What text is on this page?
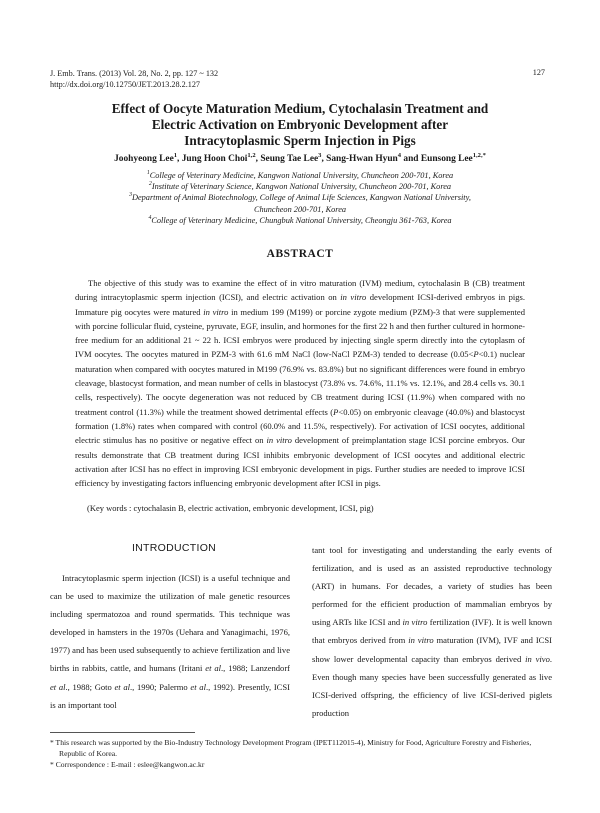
J. Emb. Trans. (2013) Vol. 28, No. 2, pp. 127 ~ 132
http://dx.doi.org/10.12750/JET.2013.28.2.127
127
Effect of Oocyte Maturation Medium, Cytochalasin Treatment and
Electric Activation on Embryonic Development after
Intracytoplasmic Sperm Injection in Pigs
Joohyeong Lee$^1$, Jung Hoon Choi$^{1,2}$, Seung Tae Lee$^3$, Sang-Hwan Hyun$^4$ and Eunsong Lee$^{1,2,*}$
$^1$College of Veterinary Medicine, Kangwon National University, Chuncheon 200-701, Korea
$^2$Institute of Veterinary Science, Kangwon National University, Chuncheon 200-701, Korea
$^3$Department of Animal Biotechnology, College of Animal Life Sciences, Kangwon National University,
Chuncheon 200-701, Korea
$^4$College of Veterinary Medicine, Chungbuk National University, Cheongju 361-763, Korea
ABSTRACT

The objective of this study was to examine the effect of in vitro maturation (IVM) medium, cytochalasin B (CB) treatment during intracytoplasmic sperm injection (ICSI), and electric activation on in vitro development ICSI-derived embryos in pigs. Immature pig oocytes were matured in vitro in medium 199 (M199) or porcine zygote medium (PZM)-3 that were supplemented with porcine follicular fluid, cysteine, pyruvate, EGF, insulin, and hormones for the first 22 h and then further cultured in hormone-free medium for an additional 21 ~ 22 h. ICSI embryos were produced by injecting single sperm directly into the cytoplasm of IVM oocytes. The oocytes matured in PZM-3 with 61.6 mM NaCl (low-NaCl PZM-3) tended to decrease (0.05<P<0.1) nuclear maturation when compared with oocytes matured in M199 (76.9% vs. 83.8%) but no significant differences were found in embryo cleavage, blastocyst formation, and mean number of cells in blastocyst (73.8% vs. 74.6%, 11.1% vs. 12.1%, and 28.4 cells vs. 30.1 cells, respectively). The oocyte degeneration was not reduced by CB treatment during ICSI (11.9%) when compared with no treatment control (11.3%) while the treatment showed detrimental effects (P<0.05) on embryonic cleavage (40.0%) and blastocyst formation (1.8%) rates when compared with control (60.0% and 11.5%, respectively). For activation of ICSI oocytes, additional electric stimulus has no positive or negative effect on in vitro development of preimplantation stage ICSI porcine embryos. Our results demonstrate that CB treatment during ICSI inhibits embryonic development of ICSI oocytes and additional electric activation after ICSI has no effect in improving ICSI embryonic development in pigs. Further studies are needed to improve ICSI efficiency by investigating factors influencing embryonic development after ICSI in pigs.

(Key words : cytochalasin B, electric activation, embryonic development, ICSI, pig)
INTRODUCTION

Intracytoplasmic sperm injection (ICSI) is a useful technique and can be used to maximize the utilization of male genetic resources including spermatozoa and round spermatids. This technique was developed in hamsters in the 1970s (Uehara and Yanagimachi, 1976, 1977) and has been used subsequently to achieve fertilization and live births in rabbits, cattle, and humans (Iritani et al., 1988; Lanzendorf et al., 1988; Goto et al., 1990; Palermo et al., 1992). Presently, ICSI is an important tool

tant tool for investigating and understanding the early events of fertilization, and is used as an assisted reproductive technology (ART) in humans. For decades, a variety of studies has been performed for the efficient production of mammalian embryos by using ARTs like ICSI and in vitro fertilization (IVF). It is well known that embryos derived from in vitro maturation (IVM), IVF and ICSI show lower developmental capacity than embryos derived in vivo. Even though many species have been successfully generated as live ICSI-derived offspring, the efficiency of live ICSI-derived piglets production

* This research was supported by the Bio-Industry Technology Development Program (IPET112015-4), Ministry for Food, Agriculture Forestry and Fisheries, Republic of Korea.
* Correspondence : E-mail : eslee@kangwon.ac.kr
